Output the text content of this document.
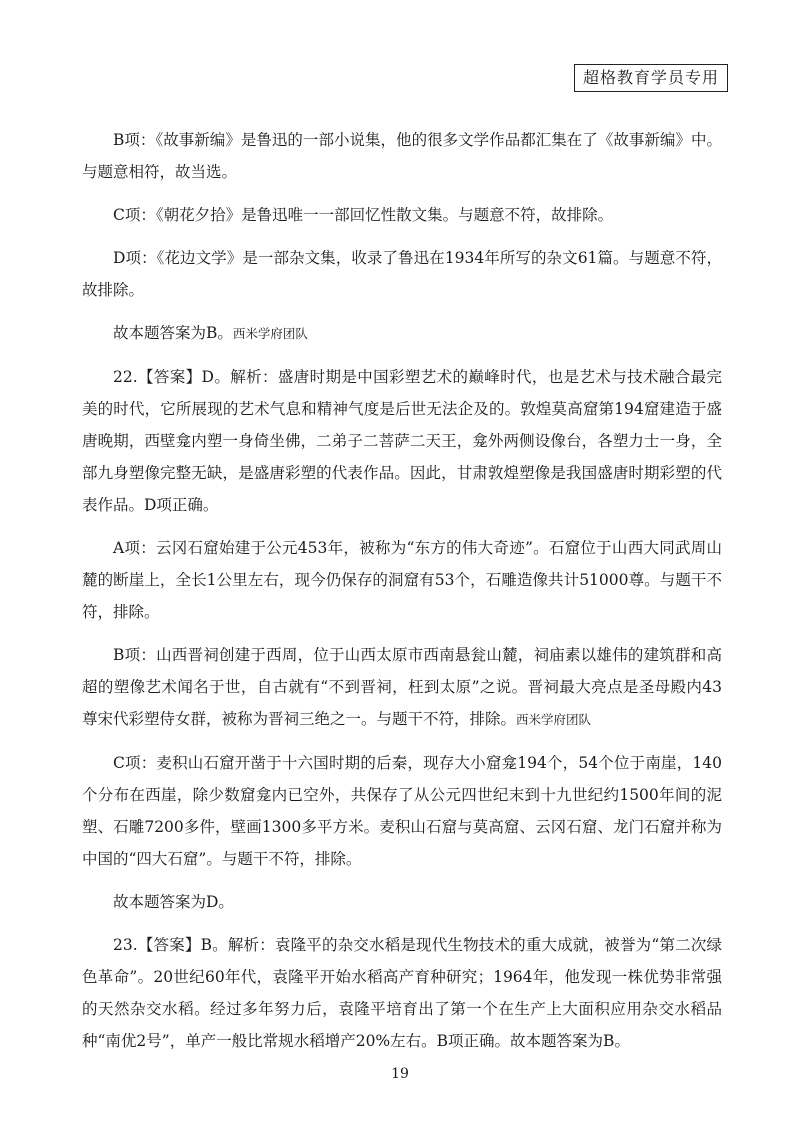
超格教育学员专用

B项：《故事新编》是鲁迅的一部小说集，他的很多文学作品都汇集在了《故事新编》中。与题意相符，故当选。

C项：《朝花夕拾》是鲁迅唯一一部回忆性散文集。与题意不符，故排除。

D项：《花边文学》是一部杂文集，收录了鲁迅在1934年所写的杂文61篇。与题意不符，故排除。

故本题答案为B。西米学府团队

22.【答案】D。解析：盛唐时期是中国彩塑艺术的巅峰时代，也是艺术与技术融合最完美的时代，它所展现的艺术气息和精神气度是后世无法企及的。敦煌莫高窟第194窟建造于盛唐晚期，西壁龛内塑一身倚坐佛，二弟子二菩萨二天王，龛外两侧设像台，各塑力士一身，全部九身塑像完整无缺，是盛唐彩塑的代表作品。因此，甘肃敦煌塑像是我国盛唐时期彩塑的代表作品。D项正确。

A项：云冈石窟始建于公元453年，被称为“东方的伟大奇迹”。石窟位于山西大同武周山麓的断崖上，全长1公里左右，现今仍保存的洞窟有53个，石雕造像共计51000尊。与题干不符，排除。

B项：山西晋祠创建于西周，位于山西太原市西南悬瓮山麓，祠庙素以雄伟的建筑群和高超的塑像艺术闻名于世，自古就有“不到晋祠，枉到太原”之说。晋祠最大亮点是圣母殿内43尊宋代彩塑侍女群，被称为晋祠三绝之一。与题干不符，排除。西米学府团队

C项：麦积山石窟开凿于十六国时期的后秦，现存大小窟龛194个，54个位于南崖，140个分布在西崖，除少数窟龛内已空外，共保存了从公元四世纪末到十九世纪约1500年间的泥塑、石雕7200多件，壁画1300多平方米。麦积山石窟与莫高窟、云冈石窟、龙门石窟并称为中国的“四大石窟”。与题干不符，排除。

故本题答案为D。

23.【答案】B。解析：袁隆平的杂交水稻是现代生物技术的重大成就，被誉为“第二次绿色革命”。20世纪60年代，袁隆平开始水稻高产育种研究；1964年，他发现一株优势非常强的天然杂交水稻。经过多年努力后，袁隆平培育出了第一个在生产上大面积应用杂交水稻品种“南优2号”，单产一般比常规水稻增产20%左右。B项正确。故本题答案为B。

19
